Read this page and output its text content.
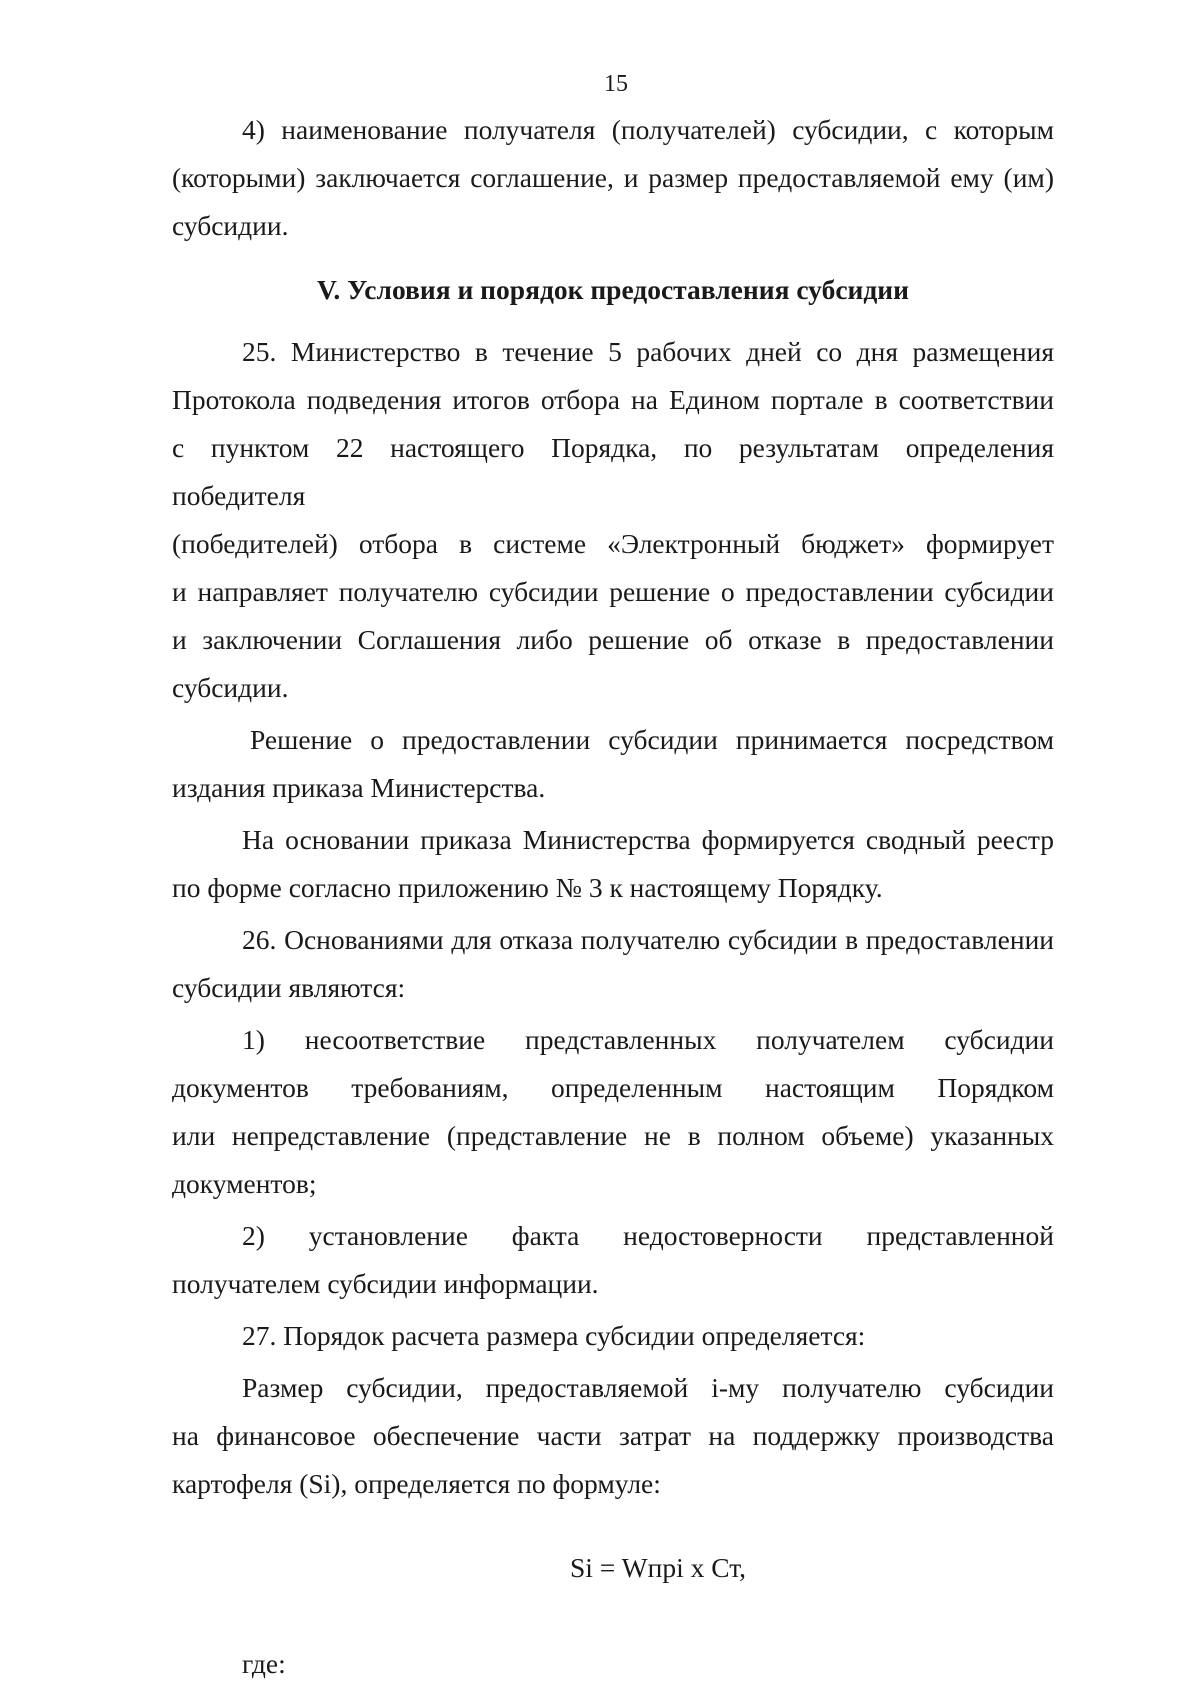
15
4) наименование получателя (получателей) субсидии, с которым
(которыми) заключается соглашение, и размер предоставляемой ему (им)
субсидии.
V. Условия и порядок предоставления субсидии
25. Министерство в течение 5 рабочих дней со дня размещения
Протокола подведения итогов отбора на Едином портале в соответствии
с пунктом 22 настоящего Порядка, по результатам определения победителя
(победителей) отбора в системе «Электронный бюджет» формирует
и направляет получателю субсидии решение о предоставлении субсидии
и заключении Соглашения либо решение об отказе в предоставлении
субсидии.
Решение о предоставлении субсидии принимается посредством
издания приказа Министерства.
На основании приказа Министерства формируется сводный реестр
по форме согласно приложению № 3 к настоящему Порядку.
26. Основаниями для отказа получателю субсидии в предоставлении
субсидии являются:
1) несоответствие представленных получателем субсидии
документов требованиям, определенным настоящим Порядком
или непредставление (представление не в полном объеме) указанных
документов;
2) установление факта недостоверности представленной
получателем субсидии информации.
27. Порядок расчета размера субсидии определяется:
Размер субсидии, предоставляемой i-му получателю субсидии
на финансовое обеспечение части затрат на поддержку производства
картофеля (Si), определяется по формуле:
Si = Wпрi x Ст,
где:
